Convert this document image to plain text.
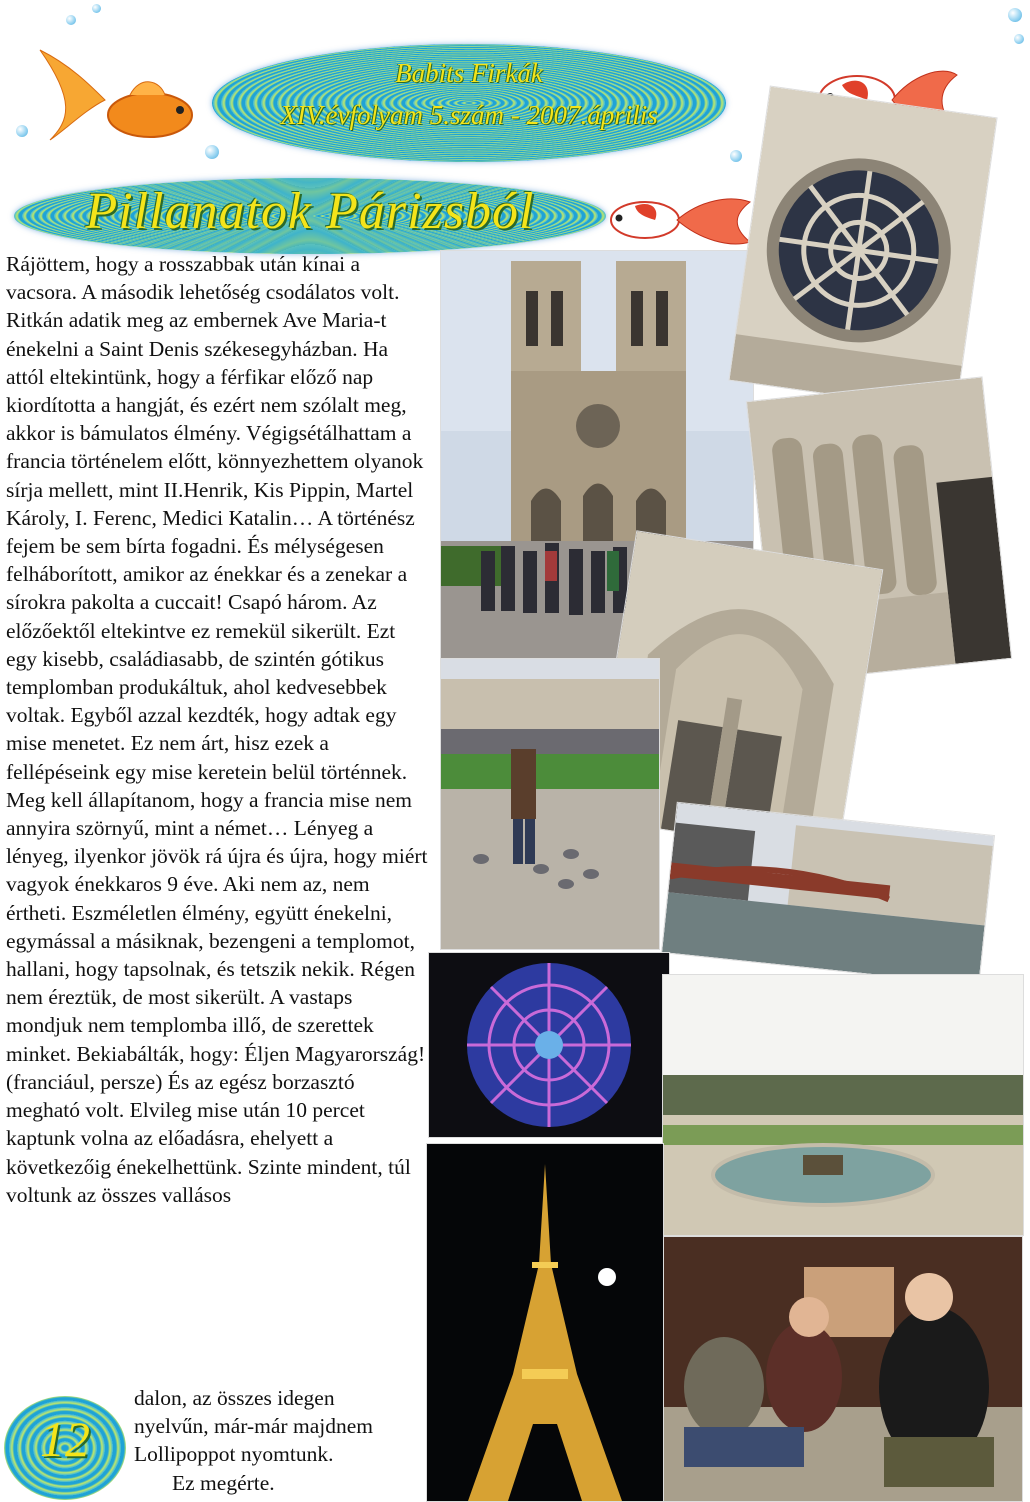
Babits Firkák
XIV.évfolyam 5.szám - 2007.április
Pillanatok Párizsból
Rájöttem, hogy a rosszabbak után kínai a vacsora. A második lehetőség csodálatos volt. Ritkán adatik meg az embernek Ave Maria-t énekelni a Saint Denis székesegyházban. Ha attól eltekintünk, hogy a férfikar előző nap kiordította a hangját, és ezért nem szólalt meg, akkor is bámulatos élmény. Végigsétálhattam a francia történelem előtt, könnyezhettem olyanok sírja mellett, mint II.Henrik, Kis Pippin, Martel Károly, I. Ferenc, Medici Katalin… A történész fejem be sem bírta fogadni. És mélységesen felháborított, amikor az énekkar és a zenekar a sírokra pakolta a cuccait! Csapó három. Az előzőektől eltekintve ez remekül sikerült. Ezt egy kisebb, családiasabb, de szintén gótikus templomban produkáltuk, ahol kedvesebbek voltak. Egyből azzal kezdték, hogy adtak egy mise menetet. Ez nem árt, hisz ezek a fellépéseink egy mise keretein belül történnek. Meg kell állapítanom, hogy a francia mise nem annyira szörnyű, mint a német… Lényeg a lényeg, ilyenkor jövök rá újra és újra, hogy miért vagyok énekkaros 9 éve. Aki nem az, nem értheti. Eszméletlen élmény, együtt énekelni, egymással a másiknak, bezengeni a templomot, hallani, hogy tapsolnak, és tetszik nekik. Régen nem éreztük, de most sikerült. A vastaps mondjuk nem templomba illő, de szerettek minket. Bekiabálták, hogy: Éljen Magyarország!(franciául, persze) És az egész borzasztó megható volt. Elvileg mise után 10 percet kaptunk volna az előadásra, ehelyett a következőig énekelhettünk. Szinte mindent, túl voltunk az összes vallásos
dalon, az összes idegen
nyelvűn, már-már majdnem
Lollipoppot nyomtunk.
Ez megérte.
12
